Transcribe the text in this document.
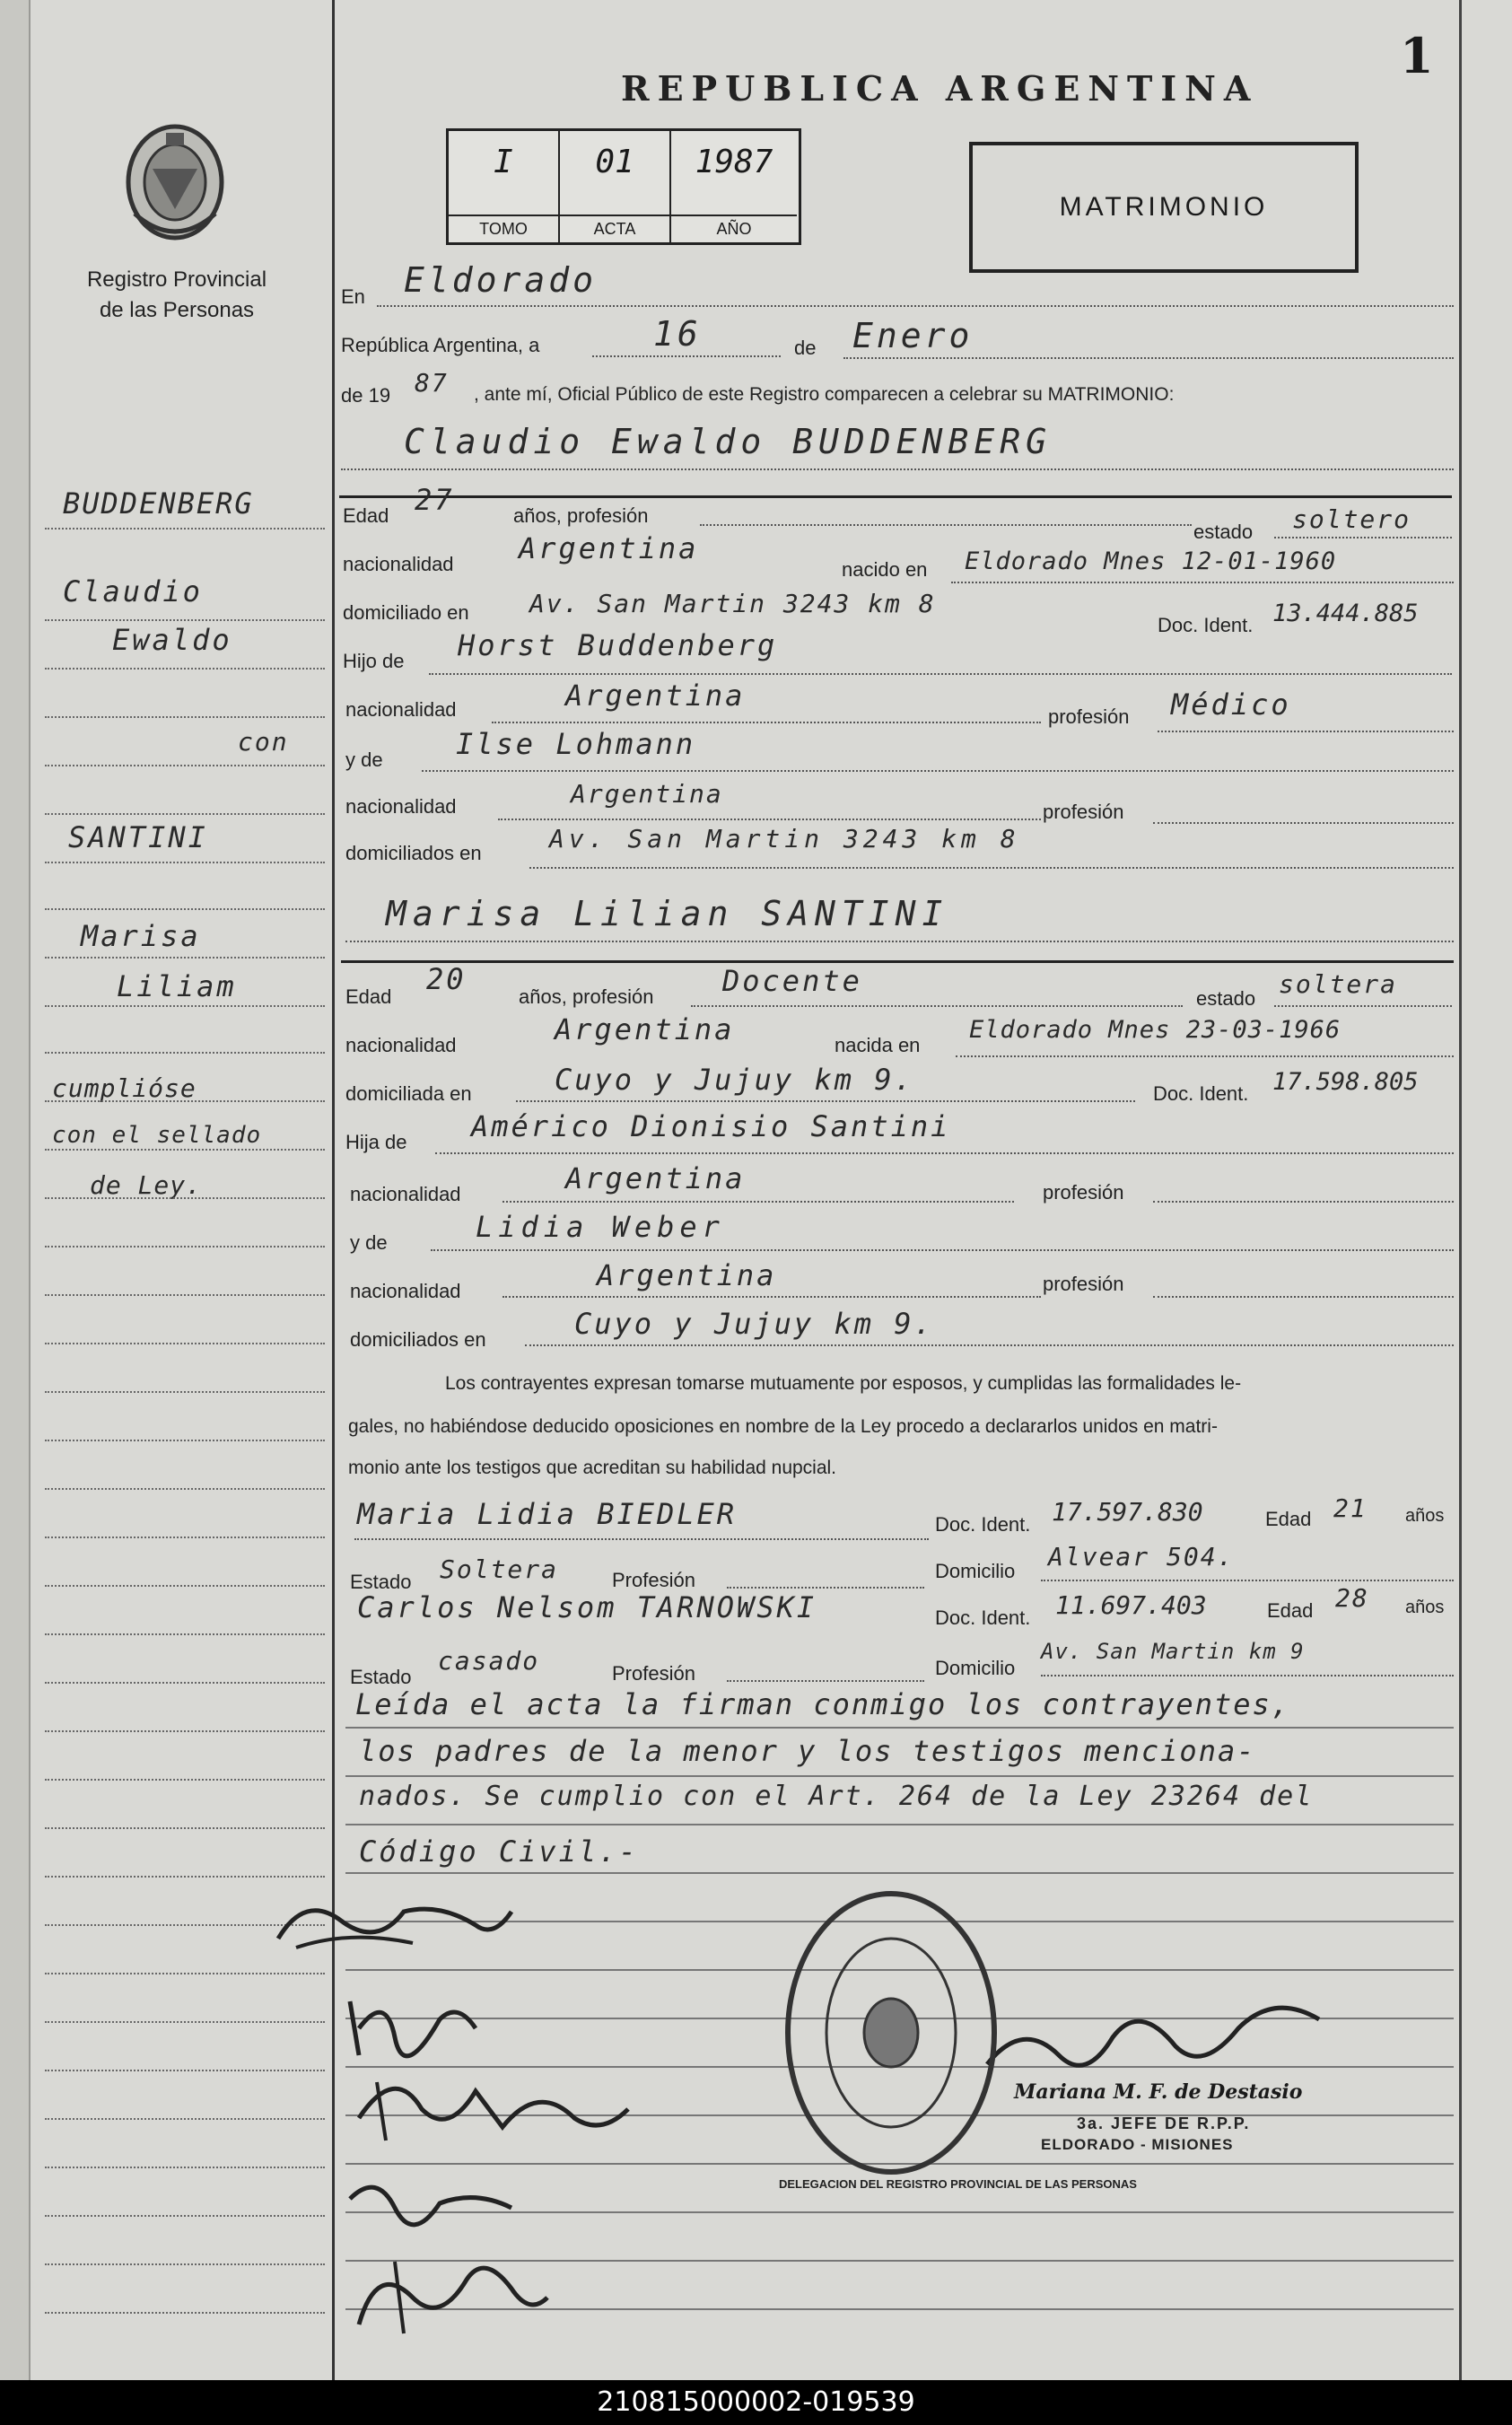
Registro Provincial
de las Personas
1
REPUBLICA ARGENTINA
I
TOMO
01
ACTA
1987
AÑO
MATRIMONIO
En Eldorado
República Argentina, a	16	de Enero
de 19 87 , ante mí, Oficial Público de este Registro comparecen a celebrar su MATRIMONIO:
Claudio Ewaldo BUDDENBERG
BUDDENBERG
Claudio
Ewaldo
con
SANTINI
Marisa
Liliam
cumplióse
con el sellado
de Ley.
Edad 27	años, profesión
estado soltero
nacionalidad Argentina
nacido en Eldorado Mnes 12-01-1960
domiciliado en Av. San Martin 3243 km 8
Doc. Ident. 13.444.885
Hijo de Horst Buddenberg
nacionalidad	Argentina
profesión Médico
y de	Ilse Lohmann
nacionalidad	Argentina
profesión
domiciliados en	Av. San Martin 3243 km 8
Marisa Lilian SANTINI
Edad
20
años, profesión Docente
estado soltera
nacionalidad	Argentina	nacida en
Eldorado Mnes 23-03-1966
domiciliada en	Cuyo y Jujuy km 9.	Doc. Ident. 17.598.805
Hija de Américo Dionisio Santini
nacionalidad	Argentina	profesión
y de	Lidia Weber
nacionalidad	Argentina	profesión
domiciliados en	Cuyo y Jujuy km 9.
Los contrayentes expresan tomarse mutuamente por esposos, y cumplidas las formalidades le-
gales, no habiéndose deducido oposiciones en nombre de la Ley procedo a declararlos unidos en matri-
monio ante los testigos que acreditan su habilidad nupcial.
Maria Lidia BIEDLER	Doc. Ident. 17.597.830	Edad 21 años
Estado Soltera	Profesión	Domicilio Alvear 504.
Carlos Nelsom TARNOWSKI	Doc. Ident. 11.697.403	Edad 28 años
Estado
casado	Profesión	Domicilio
Av. San Martin km 9
Leída el acta la firman conmigo los contrayentes,
los padres de la menor y los testigos menciona-
nados. Se cumplio con el Art. 264 de la Ley 23264 del
Código Civil.-
DELEGACION DEL REGISTRO PROVINCIAL DE LAS PERSONAS
Mariana M. F. de Destasio
3a. JEFE DE R.P.P.
ELDORADO - MISIONES
210815000002-019539
